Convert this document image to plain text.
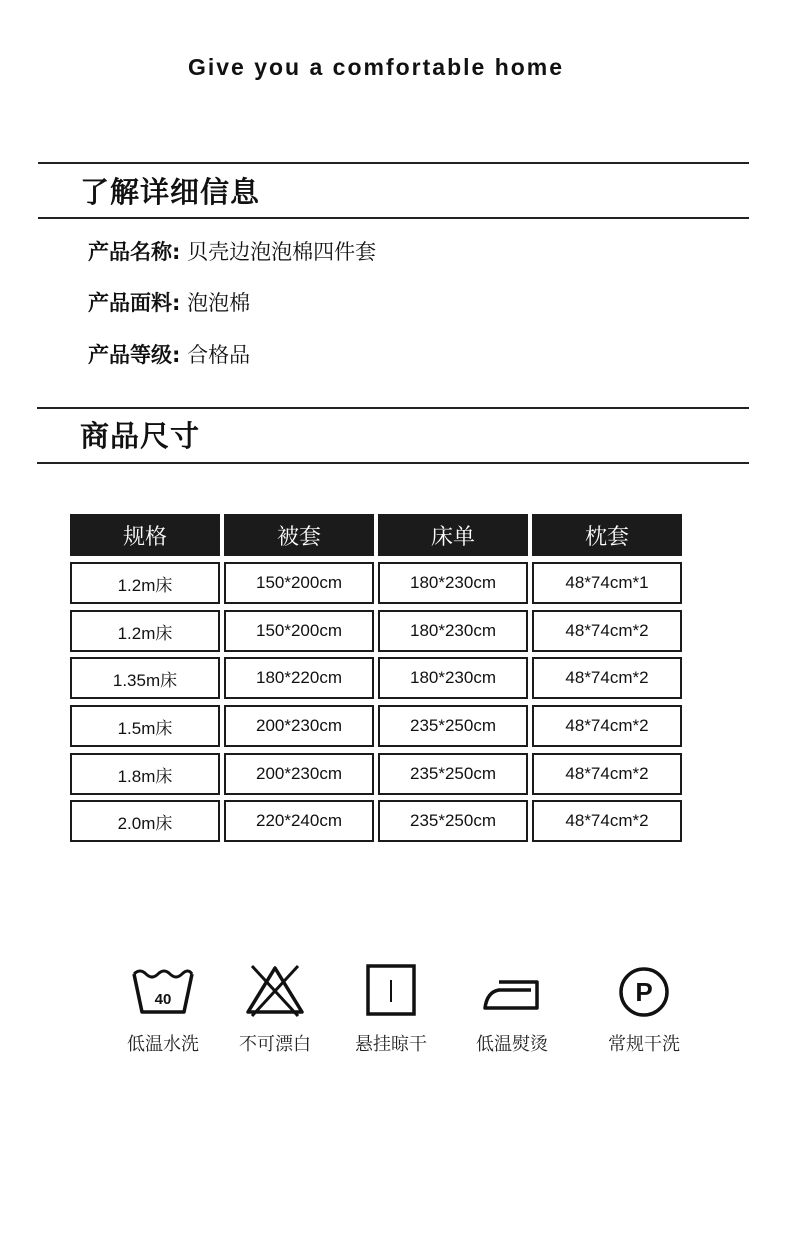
Give you a comfortable home
了解详细信息
产品名称: 贝壳边泡泡棉四件套
产品面料: 泡泡棉
产品等级: 合格品
商品尺寸
规格	被套	床单	枕套
1.2m床	150*200cm	180*230cm	48*74cm*1
1.2m床	150*200cm	180*230cm	48*74cm*2
1.35m床	180*220cm	180*230cm	48*74cm*2
1.5m床	200*230cm	235*250cm	48*74cm*2
1.8m床	200*230cm	235*250cm	48*74cm*2
2.0m床	220*240cm	235*250cm	48*74cm*2
40
低温水洗	不可漂白	悬挂晾干	低温熨烫
P
常规干洗
